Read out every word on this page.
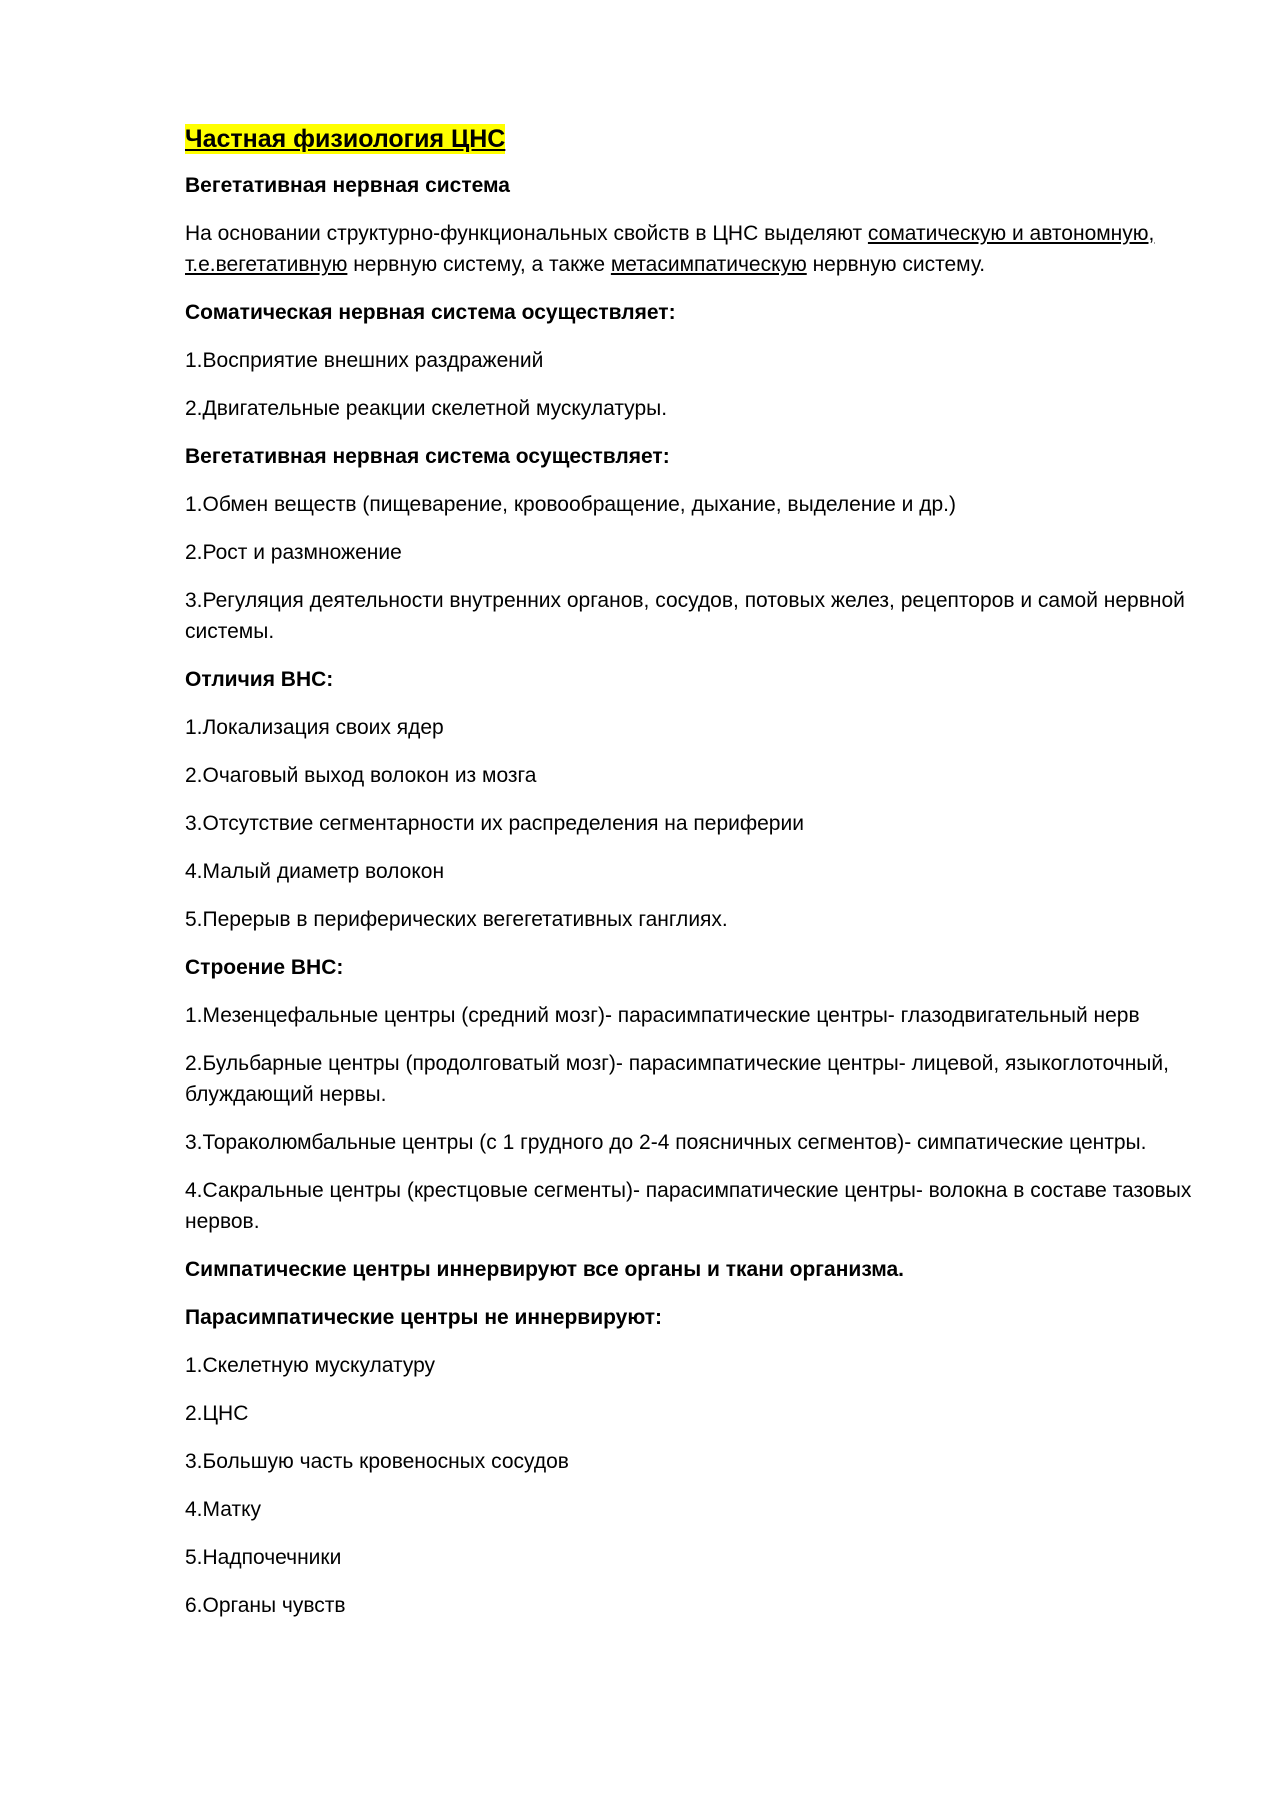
Частная физиология ЦНС

Вегетативная нервная система

На основании структурно-функциональных свойств в ЦНС выделяют соматическую и автономную, т.е.вегетативную нервную систему, а также метасимпатическую нервную систему.

Соматическая нервная система осуществляет:

1.Восприятие внешних раздражений

2.Двигательные реакции скелетной мускулатуры.

Вегетативная нервная система осуществляет:

1.Обмен веществ (пищеварение, кровообращение, дыхание, выделение и др.)

2.Рост и размножение

3.Регуляция деятельности внутренних органов, сосудов, потовых желез, рецепторов и самой нервной системы.

Отличия ВНС:

1.Локализация своих ядер

2.Очаговый выход волокон из мозга

3.Отсутствие сегментарности их распределения на периферии

4.Малый диаметр волокон

5.Перерыв в периферических вегегетативных ганглиях.

Строение ВНС:

1.Мезенцефальные центры (средний мозг)- парасимпатические центры- глазодвигательный нерв

2.Бульбарные центры (продолговатый мозг)- парасимпатические центры- лицевой, языкоглоточный, блуждающий нервы.

3.Тораколюмбальные центры (с 1 грудного до 2-4 поясничных сегментов)- симпатические центры.

4.Сакральные центры (крестцовые сегменты)- парасимпатические центры- волокна в составе тазовых нервов.

Симпатические центры иннервируют все органы и ткани организма.

Парасимпатические центры не иннервируют:

1.Скелетную мускулатуру

2.ЦНС

3.Большую часть кровеносных сосудов

4.Матку

5.Надпочечники

6.Органы чувств
